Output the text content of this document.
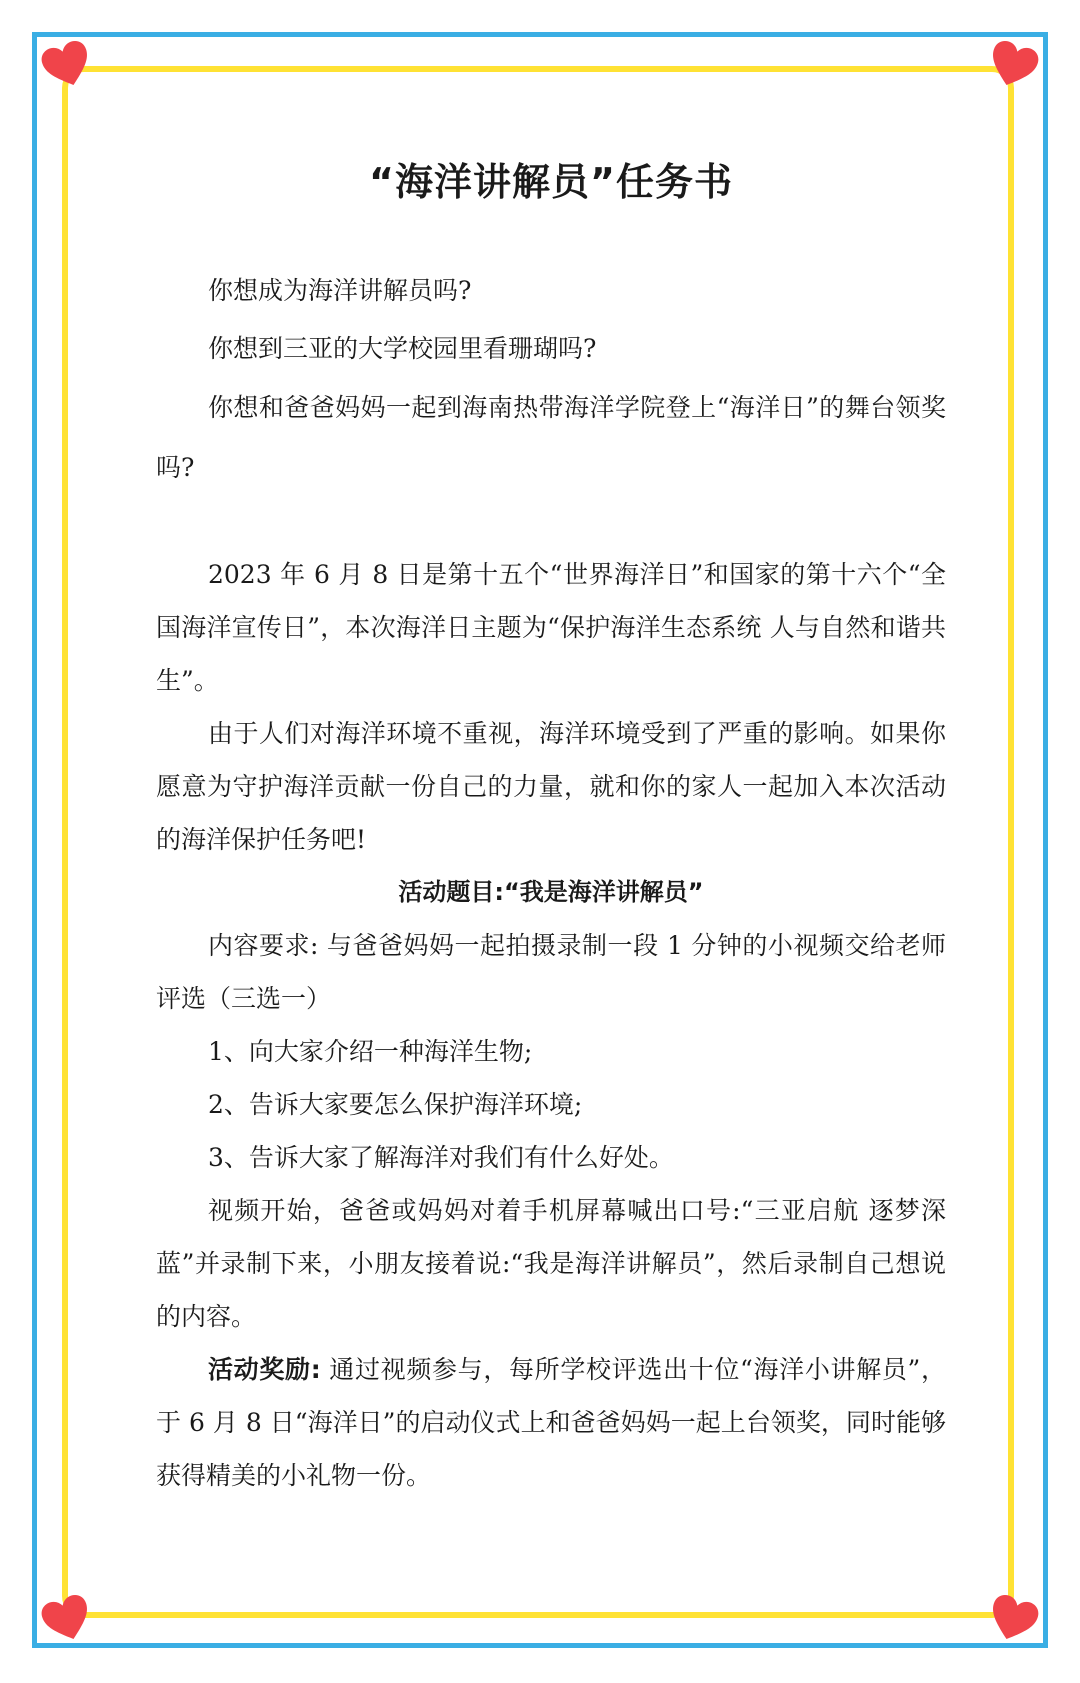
“海洋讲解员”任务书

你想成为海洋讲解员吗?

你想到三亚的大学校园里看珊瑚吗?

你想和爸爸妈妈一起到海南热带海洋学院登上“海洋日”的舞台领奖吗?

2023 年 6 月 8 日是第十五个“世界海洋日”和国家的第十六个“全国海洋宣传日”，本次海洋日主题为“保护海洋生态系统 人与自然和谐共生”。

由于人们对海洋环境不重视，海洋环境受到了严重的影响。如果你愿意为守护海洋贡献一份自己的力量，就和你的家人一起加入本次活动的海洋保护任务吧!

活动题目:“我是海洋讲解员”

内容要求: 与爸爸妈妈一起拍摄录制一段 1 分钟的小视频交给老师评选（三选一）

1、向大家介绍一种海洋生物;

2、告诉大家要怎么保护海洋环境;

3、告诉大家了解海洋对我们有什么好处。

视频开始，爸爸或妈妈对着手机屏幕喊出口号:“三亚启航 逐梦深蓝”并录制下来，小朋友接着说:“我是海洋讲解员”，然后录制自己想说的内容。

活动奖励: 通过视频参与，每所学校评选出十位“海洋小讲解员”，于 6 月 8 日“海洋日”的启动仪式上和爸爸妈妈一起上台领奖，同时能够获得精美的小礼物一份。
